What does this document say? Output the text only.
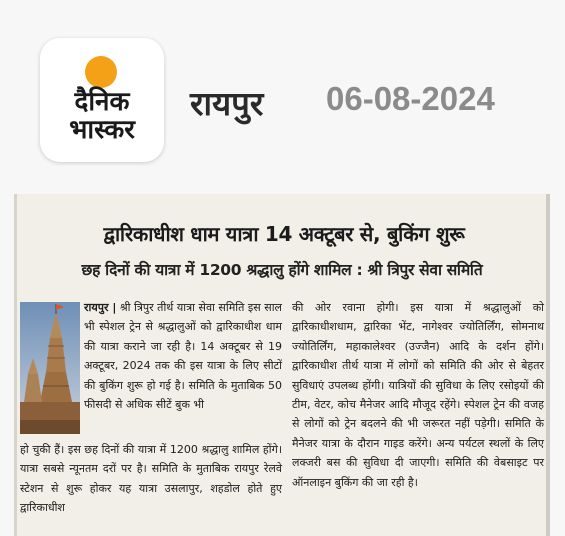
दैनिक
भास्कर
रायपुर 06-08-2024
द्वारिकाधीश धाम यात्रा 14 अक्टूबर से, बुकिंग शुरू
छह दिनों की यात्रा में 1200 श्रद्धालु होंगे शामिल : श्री त्रिपुर सेवा समिति
रायपुर | श्री त्रिपुर तीर्थ यात्रा सेवा समिति इस साल भी स्पेशल ट्रेन से श्रद्धालुओं को द्वारिकाधीश धाम की यात्रा कराने जा रही है। 14 अक्टूबर से 19 अक्टूबर, 2024 तक की इस यात्रा के लिए सीटों की बुकिंग शुरू हो गई है। समिति के मुताबिक 50 फीसदी से अधिक सीटें बुक भी
हो चुकी हैं। इस छह दिनों की यात्रा में 1200 श्रद्धालु शामिल होंगे। यात्रा सबसे न्यूनतम दरों पर है। समिति के मुताबिक रायपुर रेलवे स्टेशन से शुरू होकर यह यात्रा उसलापुर, शहडोल होते हुए द्वारिकाधीश
की ओर रवाना होगी। इस यात्रा में श्रद्धालुओं को द्वारिकाधीशधाम, द्वारिका भेंट, नागेश्वर ज्योतिर्लिंग, सोमनाथ ज्योतिर्लिंग, महाकालेश्वर (उज्जैन) आदि के दर्शन होंगे। द्वारिकाधीश तीर्थ यात्रा में लोगों को समिति की ओर से बेहतर सुविधाएं उपलब्ध होंगी। यात्रियों की सुविधा के लिए रसोइयों की टीम, वेटर, कोच मैनेजर आदि मौजूद रहेंगे। स्पेशल ट्रेन की वजह से लोगों को ट्रेन बदलने की भी जरूरत नहीं पड़ेगी। समिति के मैनेजर यात्रा के दौरान गाइड करेंगे। अन्य पर्यटल स्थलों के लिए लक्जरी बस की सुविधा दी जाएगी। समिति की वेबसाइट पर ऑनलाइन बुकिंग की जा रही है।
